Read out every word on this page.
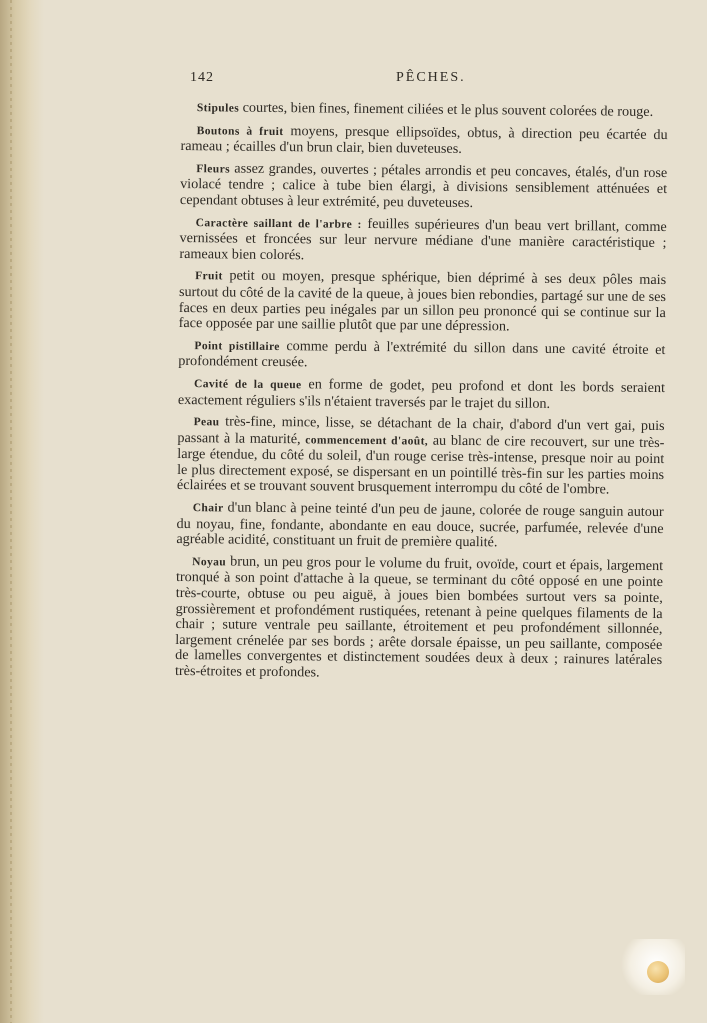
142	PÊCHES.

Stipules courtes, bien fines, finement ciliées et le plus souvent colorées de rouge.

Boutons à fruit moyens, presque ellipsoïdes, obtus, à direction peu écartée du rameau ; écailles d'un brun clair, bien duveteuses.

Fleurs assez grandes, ouvertes ; pétales arrondis et peu concaves, étalés, d'un rose violacé tendre ; calice à tube bien élargi, à divisions sensiblement atténuées et cependant obtuses à leur extrémité, peu duveteuses.

Caractère saillant de l'arbre : feuilles supérieures d'un beau vert brillant, comme vernissées et froncées sur leur nervure médiane d'une manière caractéristique ; rameaux bien colorés.

Fruit petit ou moyen, presque sphérique, bien déprimé à ses deux pôles mais surtout du côté de la cavité de la queue, à joues bien rebondies, partagé sur une de ses faces en deux parties peu inégales par un sillon peu prononcé qui se continue sur la face opposée par une saillie plutôt que par une dépression.

Point pistillaire comme perdu à l'extrémité du sillon dans une cavité étroite et profondément creusée.

Cavité de la queue en forme de godet, peu profond et dont les bords seraient exactement réguliers s'ils n'étaient traversés par le trajet du sillon.

Peau très-fine, mince, lisse, se détachant de la chair, d'abord d'un vert gai, puis passant à la maturité, commencement d'août, au blanc de cire recouvert, sur une très-large étendue, du côté du soleil, d'un rouge cerise très-intense, presque noir au point le plus directement exposé, se dispersant en un pointillé très-fin sur les parties moins éclairées et se trouvant souvent brusquement interrompu du côté de l'ombre.

Chair d'un blanc à peine teinté d'un peu de jaune, colorée de rouge sanguin autour du noyau, fine, fondante, abondante en eau douce, sucrée, parfumée, relevée d'une agréable acidité, constituant un fruit de première qualité.

Noyau brun, un peu gros pour le volume du fruit, ovoïde, court et épais, largement tronqué à son point d'attache à la queue, se terminant du côté opposé en une pointe très-courte, obtuse ou peu aiguë, à joues bien bombées surtout vers sa pointe, grossièrement et profondément rustiquées, retenant à peine quelques filaments de la chair ; suture ventrale peu saillante, étroitement et peu profondément sillonnée, largement crénelée par ses bords ; arête dorsale épaisse, un peu saillante, composée de lamelles convergentes et distinctement soudées deux à deux ; rainures latérales très-étroites et profondes.
